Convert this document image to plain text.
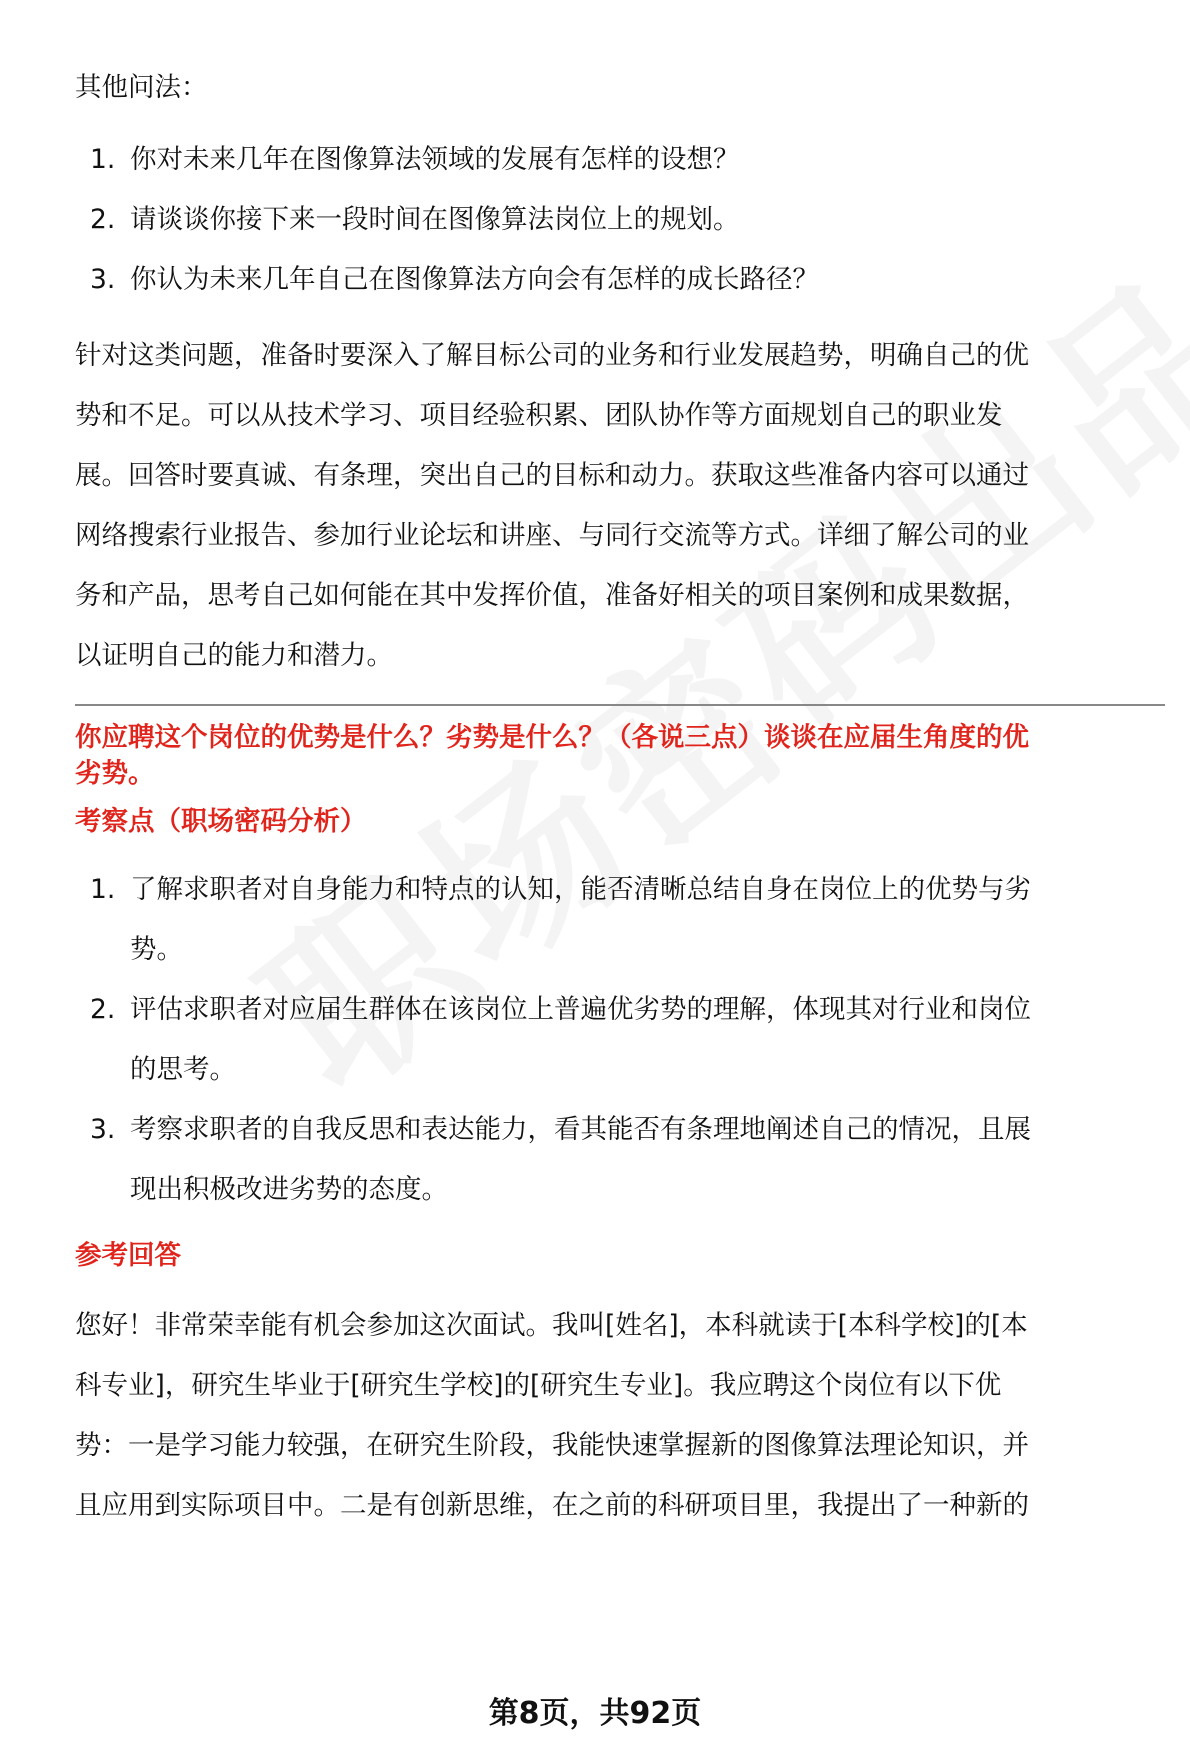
其他问法：

1. 你对未来几年在图像算法领域的发展有怎样的设想？
2. 请谈谈你接下来一段时间在图像算法岗位上的规划。
3. 你认为未来几年自己在图像算法方向会有怎样的成长路径？
针对这类问题，准备时要深入了解目标公司的业务和行业发展趋势，明确自己的优
势和不足。可以从技术学习、项目经验积累、团队协作等方面规划自己的职业发
展。回答时要真诚、有条理，突出自己的目标和动力。获取这些准备内容可以通过
网络搜索行业报告、参加行业论坛和讲座、与同行交流等方式。详细了解公司的业
务和产品，思考自己如何能在其中发挥价值，准备好相关的项目案例和成果数据，
以证明自己的能力和潜力。
你应聘这个岗位的优势是什么？劣势是什么？（各说三点）谈谈在应届生角度的优
劣势。
考察点（职场密码分析）
1. 了解求职者对自身能力和特点的认知，能否清晰总结自身在岗位上的优势与劣
势。
2. 评估求职者对应届生群体在该岗位上普遍优劣势的理解，体现其对行业和岗位
的思考。
3. 考察求职者的自我反思和表达能力，看其能否有条理地阐述自己的情况，且展
现出积极改进劣势的态度。
参考回答
您好！非常荣幸能有机会参加这次面试。我叫[姓名]，本科就读于[本科学校]的[本
科专业]，研究生毕业于[研究生学校]的[研究生专业]。我应聘这个岗位有以下优
势：一是学习能力较强，在研究生阶段，我能快速掌握新的图像算法理论知识，并
且应用到实际项目中。二是有创新思维，在之前的科研项目里，我提出了一种新的
第8页，共92页
